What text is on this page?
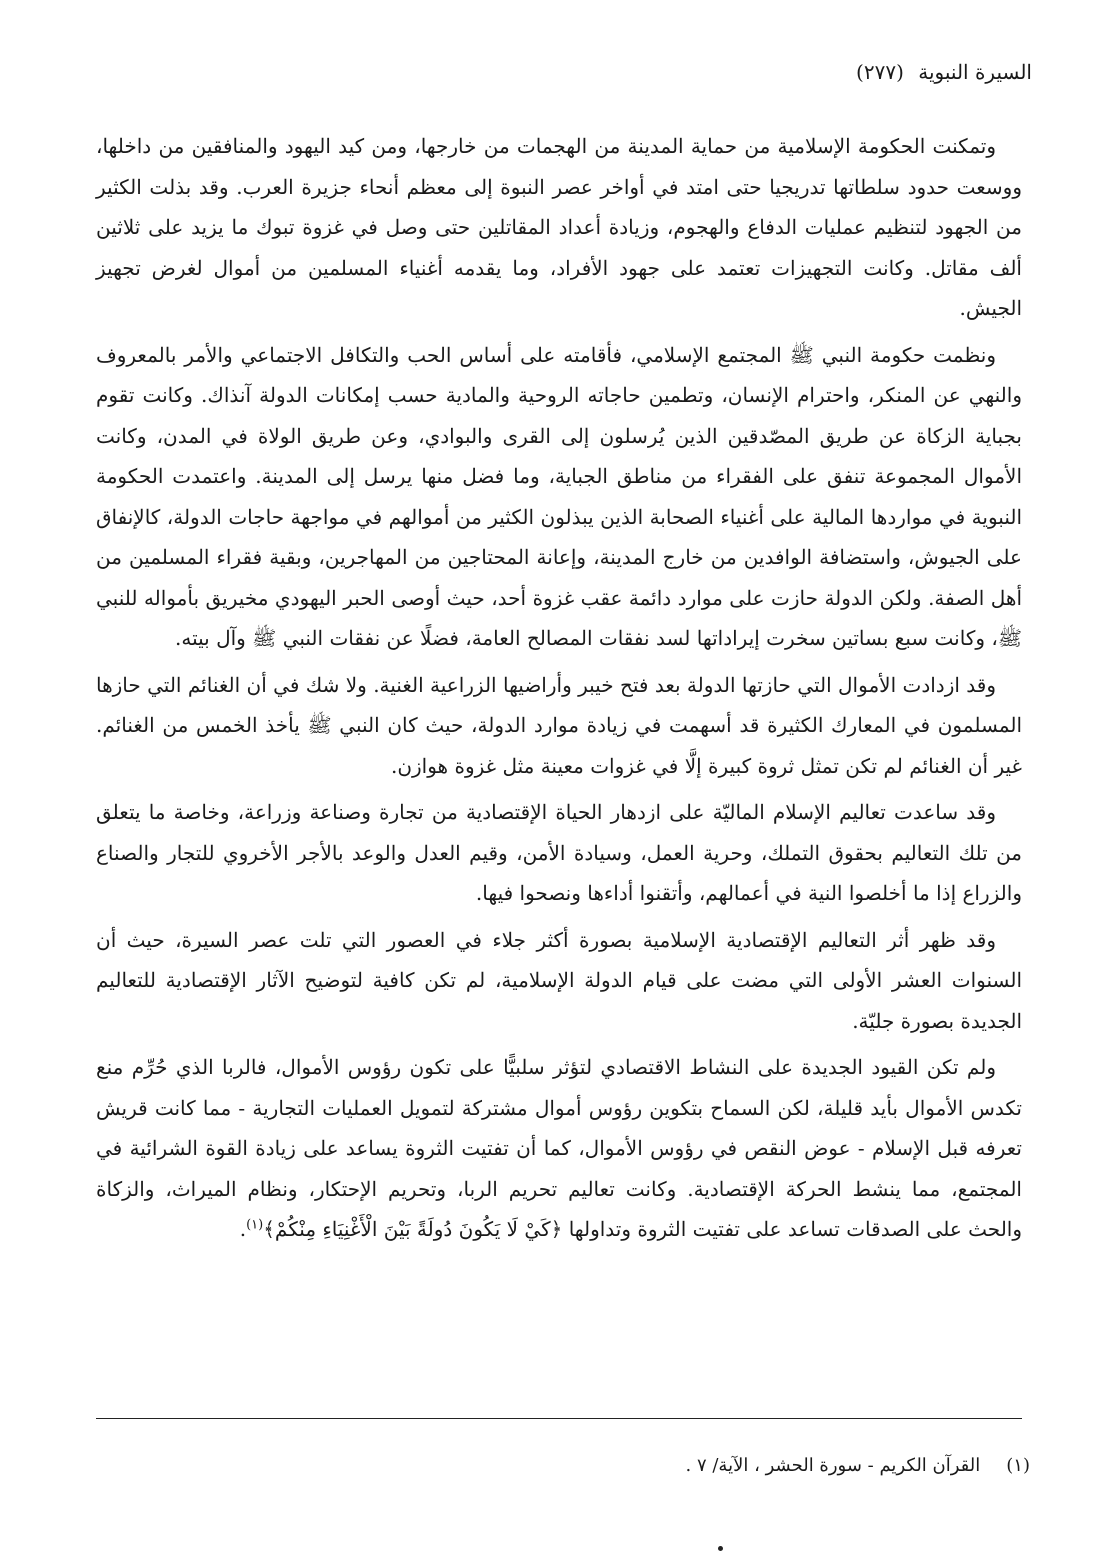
السيرة النبوية (٢٧٧)

وتمكنت الحكومة الإسلامية من حماية المدينة من الهجمات من خارجها، ومن كيد اليهود والمنافقين من داخلها، ووسعت حدود سلطاتها تدريجيا حتى امتد في أواخر عصر النبوة إلى معظم أنحاء جزيرة العرب. وقد بذلت الكثير من الجهود لتنظيم عمليات الدفاع والهجوم، وزيادة أعداد المقاتلين حتى وصل في غزوة تبوك ما يزيد على ثلاثين ألف مقاتل. وكانت التجهيزات تعتمد على جهود الأفراد، وما يقدمه أغنياء المسلمين من أموال لغرض تجهيز الجيش.

ونظمت حكومة النبي ﷺ المجتمع الإسلامي، فأقامته على أساس الحب والتكافل الاجتماعي والأمر بالمعروف والنهي عن المنكر، واحترام الإنسان، وتطمين حاجاته الروحية والمادية حسب إمكانات الدولة آنذاك. وكانت تقوم بجباية الزكاة عن طريق المصّدقين الذين يُرسلون إلى القرى والبوادي، وعن طريق الولاة في المدن، وكانت الأموال المجموعة تنفق على الفقراء من مناطق الجباية، وما فضل منها يرسل إلى المدينة. واعتمدت الحكومة النبوية في مواردها المالية على أغنياء الصحابة الذين يبذلون الكثير من أموالهم في مواجهة حاجات الدولة، كالإنفاق على الجيوش، واستضافة الوافدين من خارج المدينة، وإعانة المحتاجين من المهاجرين، وبقية فقراء المسلمين من أهل الصفة. ولكن الدولة حازت على موارد دائمة عقب غزوة أحد، حيث أوصى الحبر اليهودي مخيريق بأمواله للنبي ﷺ، وكانت سبع بساتين سخرت إيراداتها لسد نفقات المصالح العامة، فضلًا عن نفقات النبي ﷺ وآل بيته.

وقد ازدادت الأموال التي حازتها الدولة بعد فتح خيبر وأراضيها الزراعية الغنية. ولا شك في أن الغنائم التي حازها المسلمون في المعارك الكثيرة قد أسهمت في زيادة موارد الدولة، حيث كان النبي ﷺ يأخذ الخمس من الغنائم. غير أن الغنائم لم تكن تمثل ثروة كبيرة إلَّا في غزوات معينة مثل غزوة هوازن.

وقد ساعدت تعاليم الإسلام الماليّة على ازدهار الحياة الإقتصادية من تجارة وصناعة وزراعة، وخاصة ما يتعلق من تلك التعاليم بحقوق التملك، وحرية العمل، وسيادة الأمن، وقيم العدل والوعد بالأجر الأخروي للتجار والصناع والزراع إذا ما أخلصوا النية في أعمالهم، وأتقنوا أداءها ونصحوا فيها.

وقد ظهر أثر التعاليم الإقتصادية الإسلامية بصورة أكثر جلاء في العصور التي تلت عصر السيرة، حيث أن السنوات العشر الأولى التي مضت على قيام الدولة الإسلامية، لم تكن كافية لتوضيح الآثار الإقتصادية للتعاليم الجديدة بصورة جليّة.

ولم تكن القيود الجديدة على النشاط الاقتصادي لتؤثر سلبيًّا على تكون رؤوس الأموال، فالربا الذي حُرِّم منع تكدس الأموال بأيد قليلة، لكن السماح بتكوين رؤوس أموال مشتركة لتمويل العمليات التجارية - مما كانت قريش تعرفه قبل الإسلام - عوض النقص في رؤوس الأموال، كما أن تفتيت الثروة يساعد على زيادة القوة الشرائية في المجتمع، مما ينشط الحركة الإقتصادية. وكانت تعاليم تحريم الربا، وتحريم الإحتكار، ونظام الميراث، والزكاة والحث على الصدقات تساعد على تفتيت الثروة وتداولها ﴿كَيْ لَا يَكُونَ دُولَةً بَيْنَ الْأَغْنِيَاءِ مِنْكُمْ﴾$^{(١)}$.

(١)القرآن الكريم - سورة الحشر ، الآية/ ٧ .
